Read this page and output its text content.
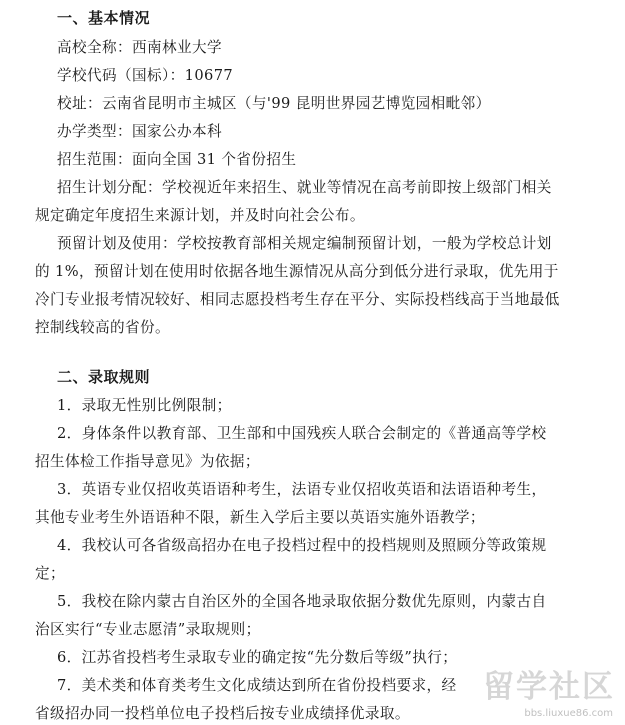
一、基本情况
高校全称：西南林业大学
学校代码（国标）：10677
校址：云南省昆明市主城区（与'99 昆明世界园艺博览园相毗邻）
办学类型：国家公办本科
招生范围：面向全国 31 个省份招生
招生计划分配：学校视近年来招生、就业等情况在高考前即按上级部门相关
规定确定年度招生来源计划，并及时向社会公布。
预留计划及使用：学校按教育部相关规定编制预留计划，一般为学校总计划
的 1%，预留计划在使用时依据各地生源情况从高分到低分进行录取，优先用于
冷门专业报考情况较好、相同志愿投档考生存在平分、实际投档线高于当地最低
控制线较高的省份。
二、录取规则
1．录取无性别比例限制；
2．身体条件以教育部、卫生部和中国残疾人联合会制定的《普通高等学校
招生体检工作指导意见》为依据；
3．英语专业仅招收英语语种考生，法语专业仅招收英语和法语语种考生，
其他专业考生外语语种不限，新生入学后主要以英语实施外语教学；
4．我校认可各省级高招办在电子投档过程中的投档规则及照顾分等政策规
定；
5．我校在除内蒙古自治区外的全国各地录取依据分数优先原则，内蒙古自
治区实行“专业志愿清”录取规则；
6．江苏省投档考生录取专业的确定按“先分数后等级”执行；
7．美术类和体育类考生文化成绩达到所在省份投档要求，经
省级招办同一投档单位电子投档后按专业成绩择优录取。
留学社区
bbs.liuxue86.com
